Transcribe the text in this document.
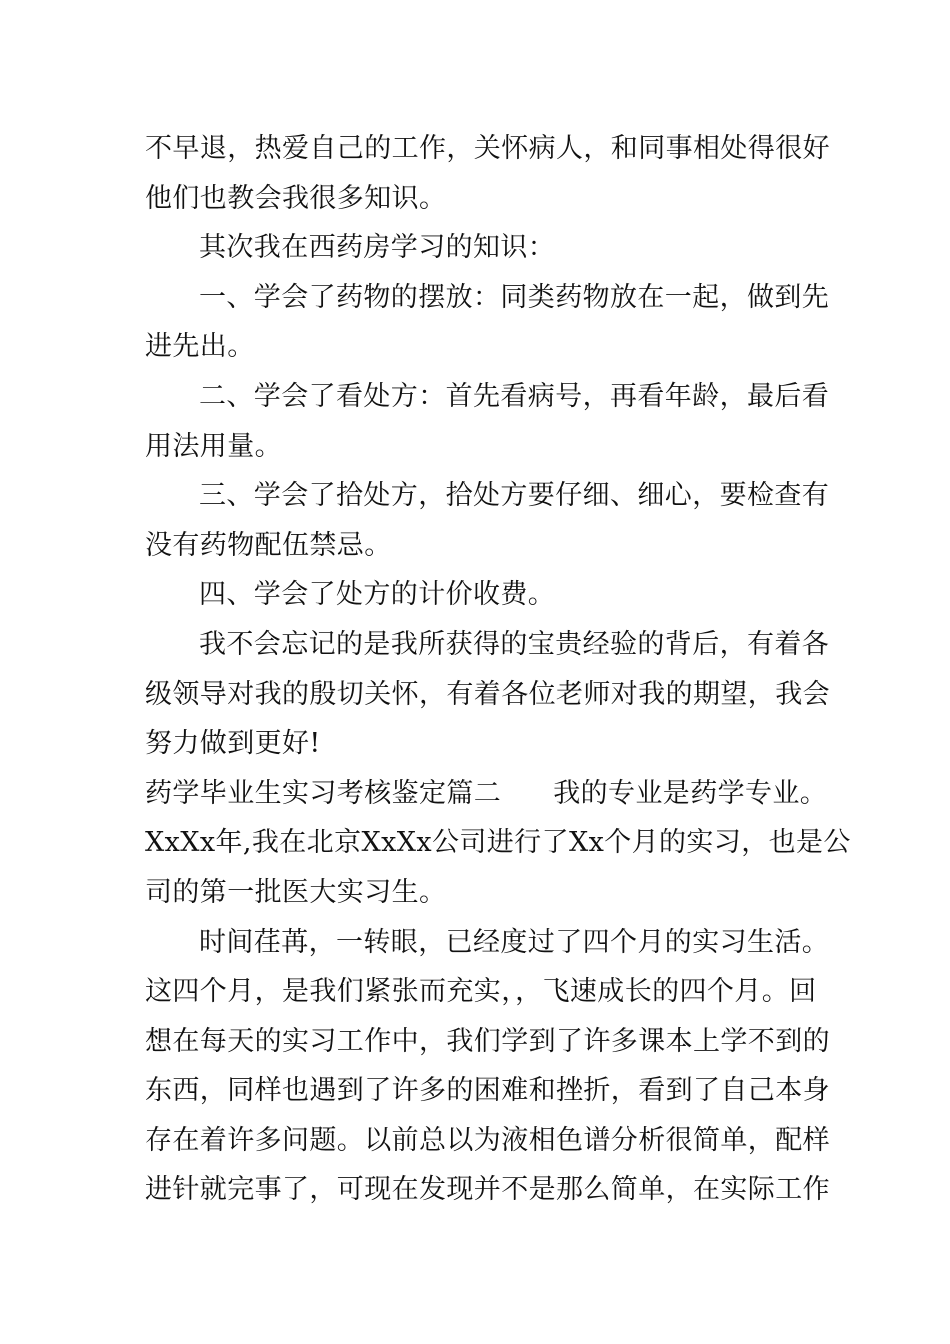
不早退，热爱自己的工作，关怀病人，和同事相处得很好
他们也教会我很多知识。
其次我在西药房学习的知识：
一、学会了药物的摆放：同类药物放在一起，做到先
进先出。
二、学会了看处方：首先看病号，再看年龄，最后看
用法用量。
三、学会了拾处方，拾处方要仔细、细心，要检查有
没有药物配伍禁忌。
四、学会了处方的计价收费。
我不会忘记的是我所获得的宝贵经验的背后，有着各
级领导对我的殷切关怀，有着各位老师对我的期望，我会
努力做到更好!
药学毕业生实习考核鉴定篇二 我的专业是药学专业。
XxXx年,我在北京XxXx公司进行了Xx个月的实习，也是公
司的第一批医大实习生。
时间荏苒，一转眼，已经度过了四个月的实习生活。
这四个月，是我们紧张而充实，，飞速成长的四个月。回
想在每天的实习工作中，我们学到了许多课本上学不到的
东西，同样也遇到了许多的困难和挫折，看到了自己本身
存在着许多问题。以前总以为液相色谱分析很简单，配样
进针就完事了，可现在发现并不是那么简单，在实际工作
